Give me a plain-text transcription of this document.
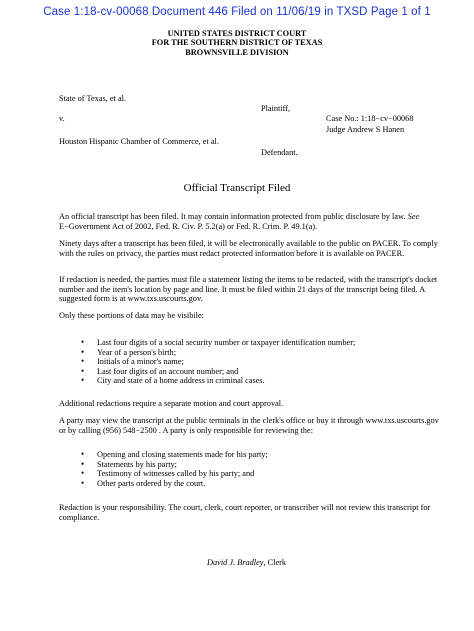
Case 1:18-cv-00068 Document 446 Filed on 11/06/19 in TXSD Page 1 of 1
UNITED STATES DISTRICT COURT
FOR THE SOUTHERN DISTRICT OF TEXAS
BROWNSVILLE DIVISION
State of Texas, et al.
Plaintiff,
v.	Case No.: 1:18−cv−00068
Judge Andrew S Hanen
Houston Hispanic Chamber of Commerce, et al.
Defendant.
Official Transcript Filed
An official transcript has been filed. It may contain information protected from public disclosure by law. See E−Government Act of 2002, Fed. R. Civ. P. 5.2(a) or Fed. R. Crim. P. 49.1(a).
Ninety days after a transcript has been filed, it will be electronically available to the public on PACER. To comply with the rules on privacy, the parties must redact protected information before it is available on PACER.
If redaction is needed, the parties must file a statement listing the items to be redacted, with the transcript's docket number and the item's location by page and line. It must be filed within 21 days of the transcript being filed. A suggested form is at www.txs.uscourts.gov.
Only these portions of data may be visibile:
• Last four digits of a social security number or taxpayer identification number;
• Year of a person's birth;
• Initials of a minor's name;
• Last four digits of an account number; and
• City and state of a home address in criminal cases.
Additional redactions require a separate motion and court approval.
A party may view the transcript at the public terminals in the clerk's office or buy it through www.txs.uscourts.gov or by calling (956) 548−2500 . A party is only responsible for reviewing the:
• Opening and closing statements made for his party;
• Statements by his party;
• Testimony of witnesses called by his party; and
• Other parts ordered by the court.
Redaction is your responsibility. The court, clerk, court reporter, or transcriber will not review this transcript for compliance.
David J. Bradley, Clerk
